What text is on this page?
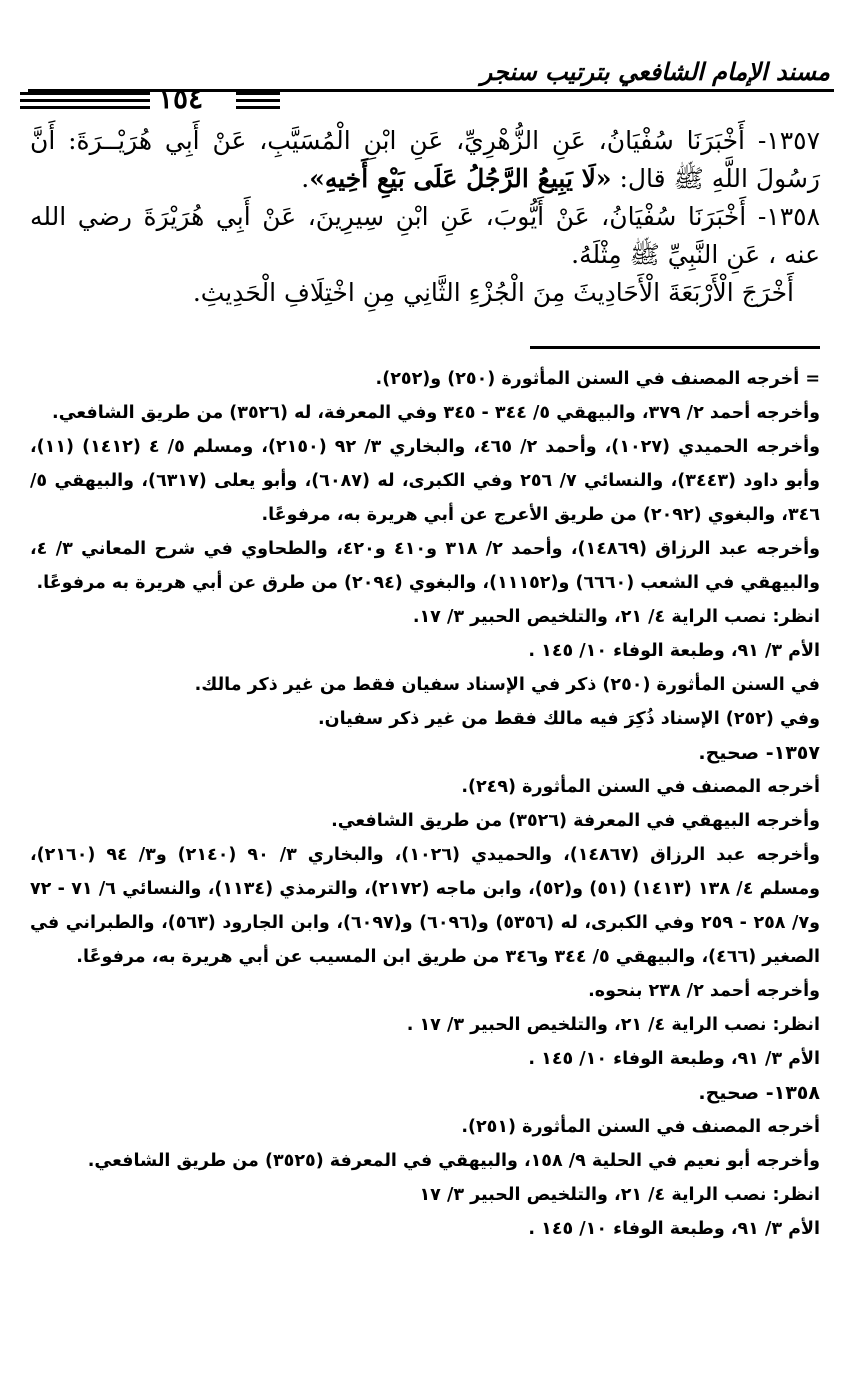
مسند الإمام الشافعي بترتيب سنجر
١٥٤

١٣٥٧- أَخْبَرَنَا سُفْيَانُ، عَنِ الزُّهْرِيِّ، عَنِ ابْنِ الْمُسَيَّبِ، عَنْ أَبِي هُرَيْــرَةَ: أَنَّ رَسُولَ اللَّهِ ﷺ قال: «لَا يَبِيعُ الرَّجُلُ عَلَى بَيْعِ أَخِيهِ».

١٣٥٨- أَخْبَرَنَا سُفْيَانُ، عَنْ أَيُّوبَ، عَنِ ابْنِ سِيرِينَ، عَنْ أَبِي هُرَيْرَةَ رضي الله عنه ، عَنِ النَّبِيِّ ﷺ مِثْلَهُ.

أَخْرَجَ الْأَرْبَعَةَ الْأَحَادِيثَ مِنَ الْجُزْءِ الثَّانِي مِنِ اخْتِلَافِ الْحَدِيثِ.

= أخرجه المصنف في السنن المأثورة (٢٥٠) و(٢٥٢).

وأخرجه أحمد ٢/ ٣٧٩، والبيهقي ٥/ ٣٤٤ - ٣٤٥ وفي المعرفة، له (٣٥٢٦) من طريق الشافعي.

وأخرجه الحميدي (١٠٢٧)، وأحمد ٢/ ٤٦٥، والبخاري ٣/ ٩٢ (٢١٥٠)، ومسلم ٥/ ٤ (١٤١٢) (١١)، وأبو داود (٣٤٤٣)، والنسائي ٧/ ٢٥٦ وفي الكبرى، له (٦٠٨٧)، وأبو يعلى (٦٣١٧)، والبيهقي ٥/ ٣٤٦، والبغوي (٢٠٩٢) من طريق الأعرج عن أبي هريرة به، مرفوعًا.

وأخرجه عبد الرزاق (١٤٨٦٩)، وأحمد ٢/ ٣١٨ و٤١٠ و٤٢٠، والطحاوي في شرح المعاني ٣/ ٤، والبيهقي في الشعب (٦٦٦٠) و(١١١٥٢)، والبغوي (٢٠٩٤) من طرق عن أبي هريرة به مرفوعًا.

انظر: نصب الراية ٤/ ٢١، والتلخيص الحبير ٣/ ١٧.

الأم ٣/ ٩١، وطبعة الوفاء ١٠/ ١٤٥ .

في السنن المأثورة (٢٥٠) ذكر في الإسناد سفيان فقط من غير ذكر مالك.

وفي (٢٥٢) الإسناد ذُكِرَ فيه مالك فقط من غير ذكر سفيان.

١٣٥٧- صحيح.

أخرجه المصنف في السنن المأثورة (٢٤٩).

وأخرجه البيهقي في المعرفة (٣٥٢٦) من طريق الشافعي.

وأخرجه عبد الرزاق (١٤٨٦٧)، والحميدي (١٠٢٦)، والبخاري ٣/ ٩٠ (٢١٤٠) و٣/ ٩٤ (٢١٦٠)، ومسلم ٤/ ١٣٨ (١٤١٣) (٥١) و(٥٢)، وابن ماجه (٢١٧٢)، والترمذي (١١٣٤)، والنسائي ٦/ ٧١ - ٧٢ و٧/ ٢٥٨ - ٢٥٩ وفي الكبرى، له (٥٣٥٦) و(٦٠٩٦) و(٦٠٩٧)، وابن الجارود (٥٦٣)، والطبراني في الصغير (٤٦٦)، والبيهقي ٥/ ٣٤٤ و٣٤٦ من طريق ابن المسيب عن أبي هريرة به، مرفوعًا.

وأخرجه أحمد ٢/ ٢٣٨ بنحوه.

انظر: نصب الراية ٤/ ٢١، والتلخيص الحبير ٣/ ١٧ .

الأم ٣/ ٩١، وطبعة الوفاء ١٠/ ١٤٥ .

١٣٥٨- صحيح.

أخرجه المصنف في السنن المأثورة (٢٥١).

وأخرجه أبو نعيم في الحلية ٩/ ١٥٨، والبيهقي في المعرفة (٣٥٢٥) من طريق الشافعي.

انظر: نصب الراية ٤/ ٢١، والتلخيص الحبير ٣/ ١٧

الأم ٣/ ٩١، وطبعة الوفاء ١٠/ ١٤٥ .
